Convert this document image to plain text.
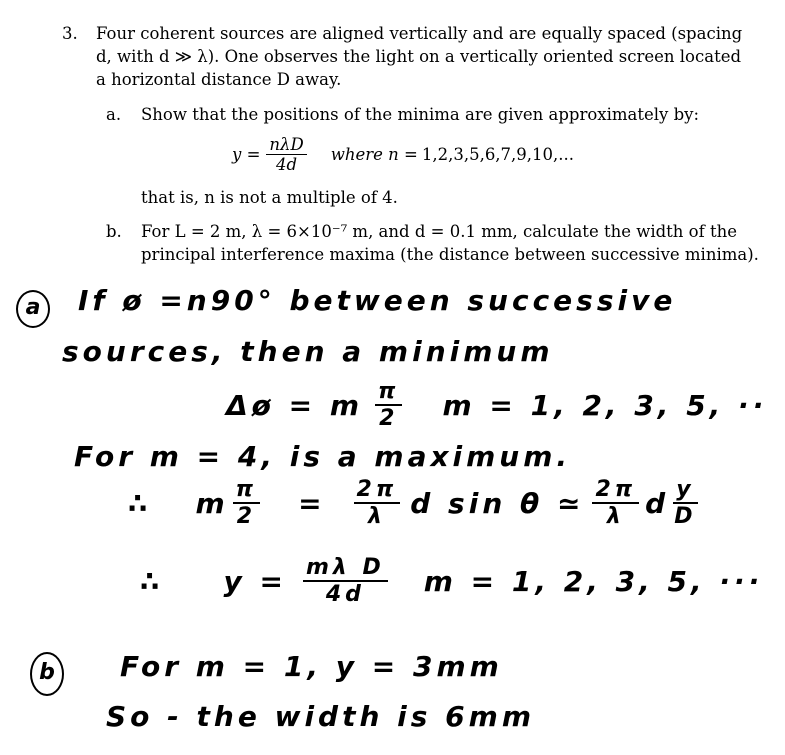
3. Four coherent sources are aligned vertically and are equally spaced (spacing
d, with d ≫ λ). One observes the light on a vertically oriented screen located
a horizontal distance D away.
a. Show that the positions of the minima are given approximately by:
$y = \frac{\text{nλD}}{4d}$ where n = 1,2,3,5,6,7,9,10,...
that is, n is not a multiple of 4.
b. For L = 2 m, λ = 6×10⁻⁷ m, and d = 0.1 mm, calculate the width of the
principal interference maxima (the distance between successive minima).
a	If ø =n90° between successive
sources, then a minimum
Δø = m $\frac{\pi}{2}$ m = 1, 2, 3, 5, ··
For m = 4, is a maximum.
∴ m $\frac{\pi}{2} = \frac{2\pi}{\lambda}$ d sin θ ≃ $\frac{2\pi}{\lambda}$ d $\frac{y}{D}$
∴ $y = \frac{\text{mλ D}}{4d}$ m = 1, 2, 3, 5, ···
b	For m = 1, y = 3mm
So - the width is 6mm
